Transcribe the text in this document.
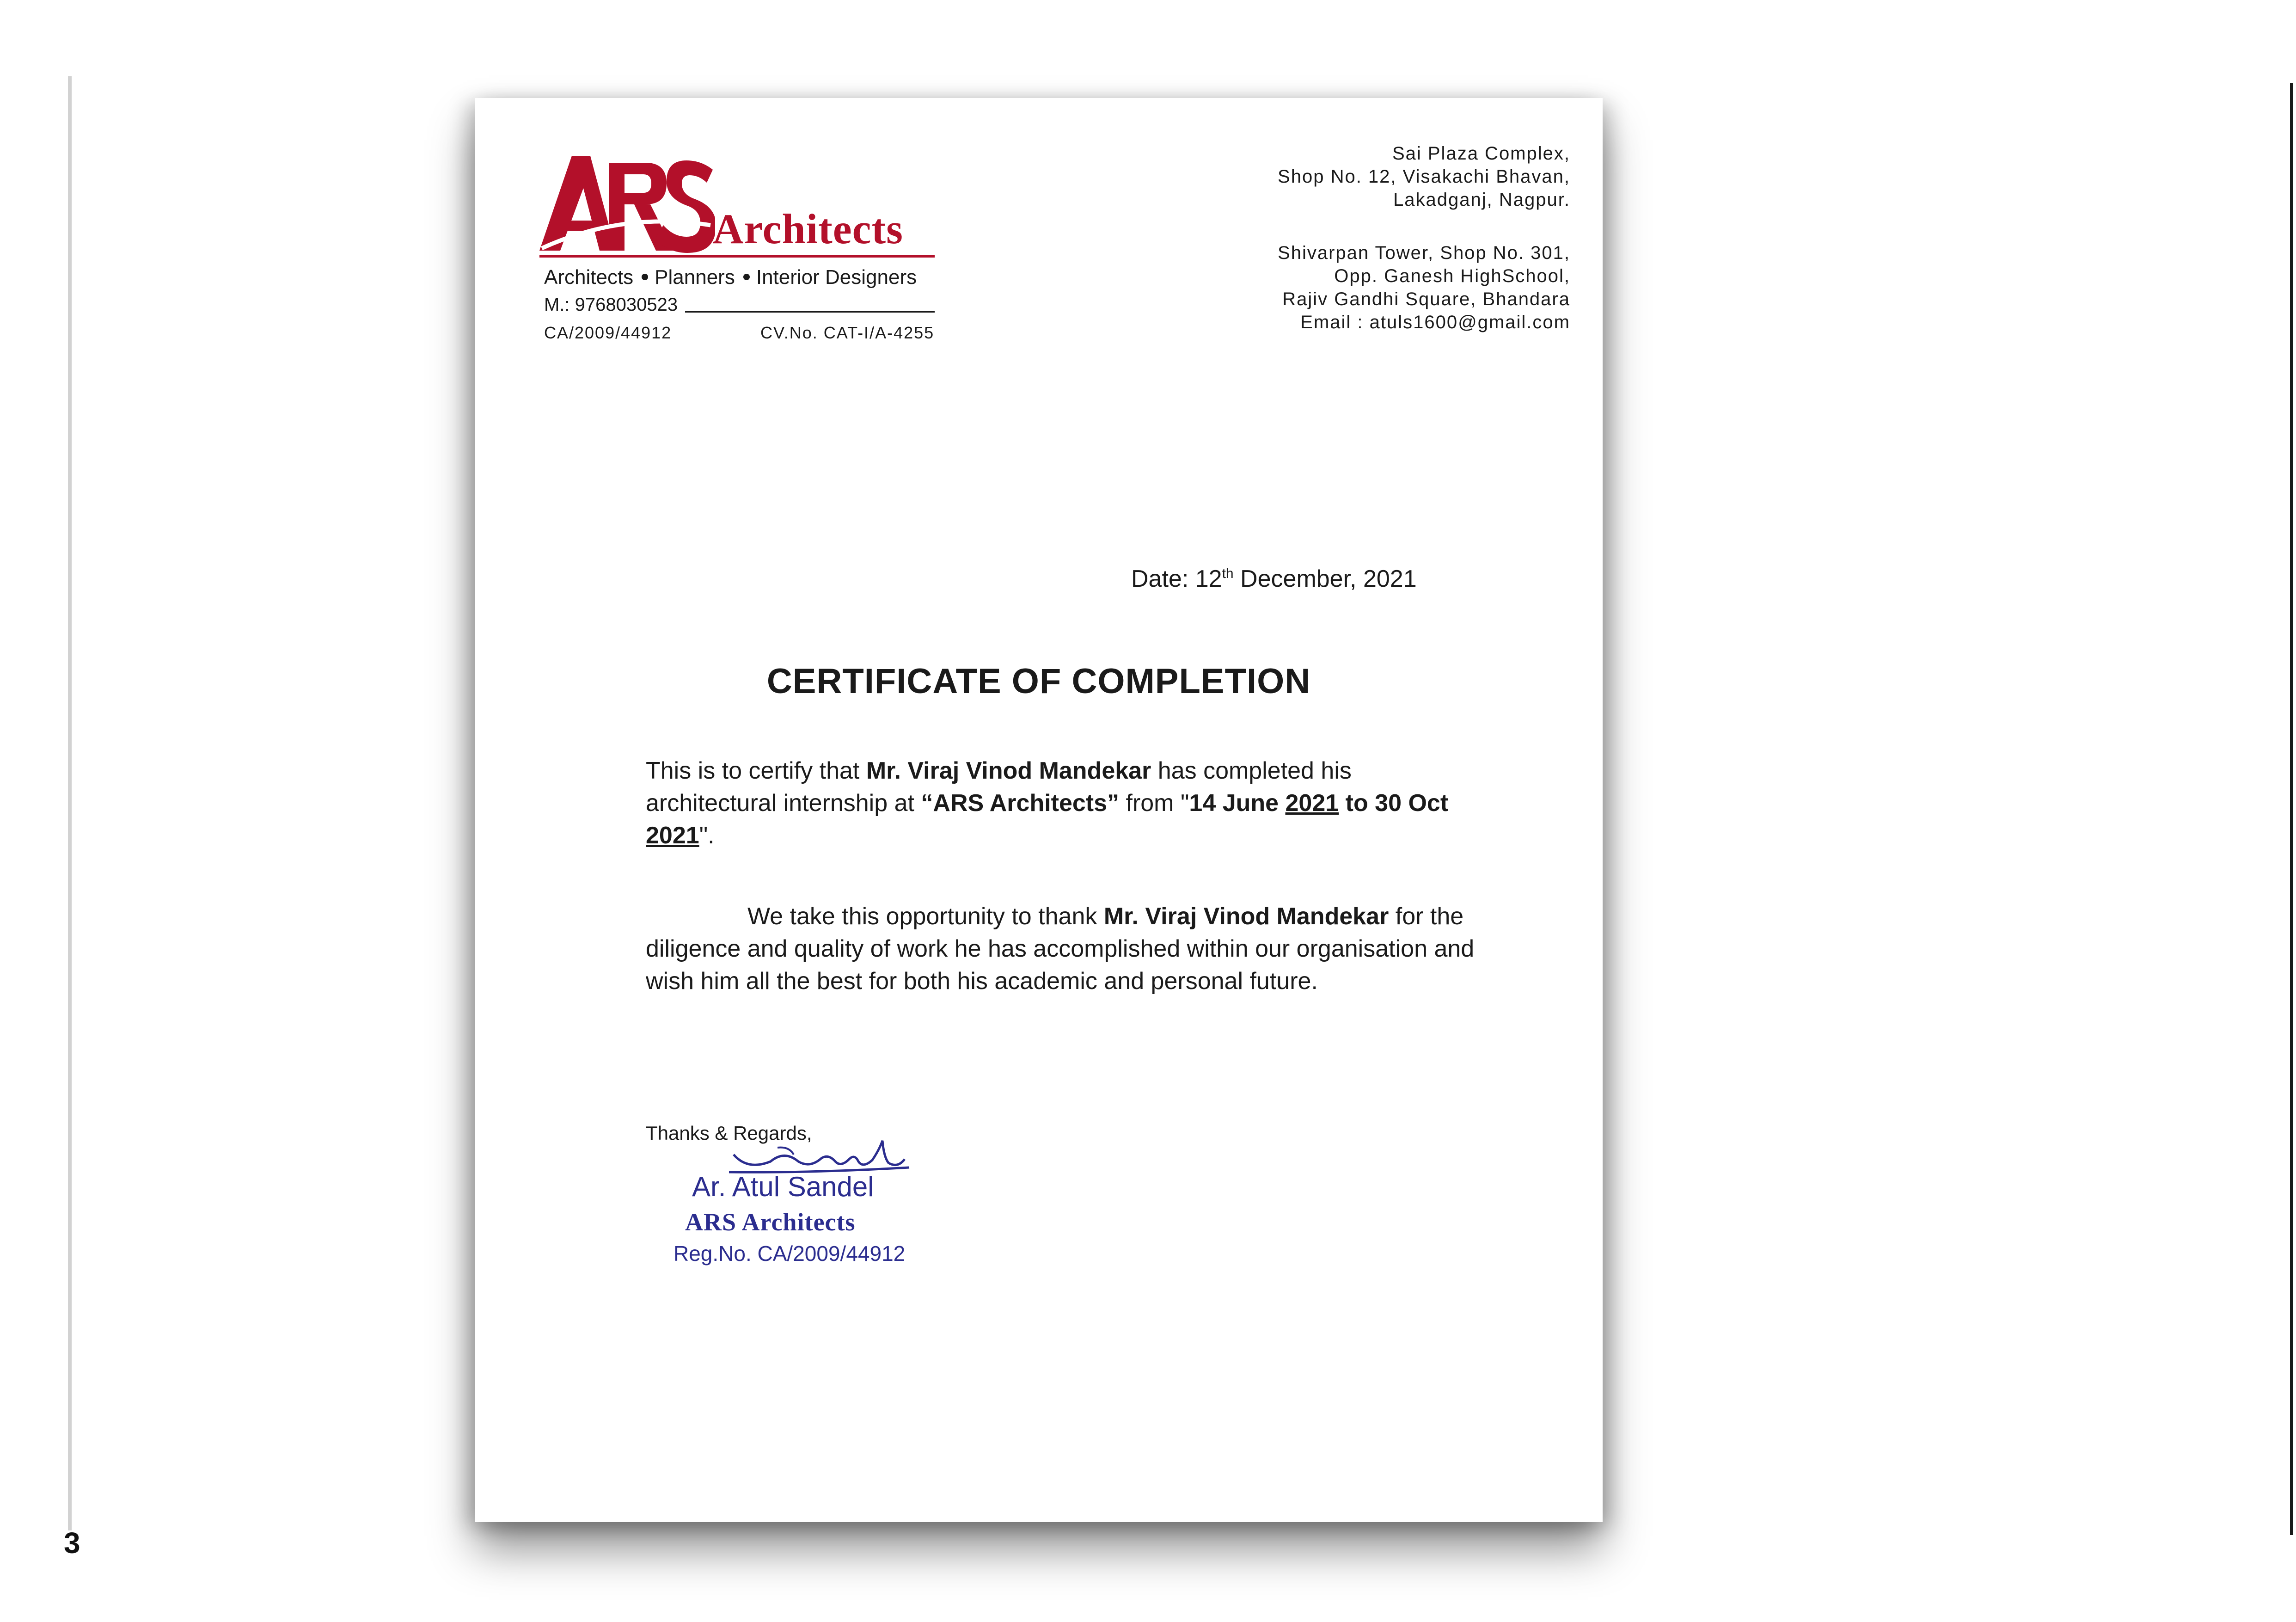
3
Architects
Architects Planners Interior Designers
M.: 9768030523
CA/2009/44912	CV.No. CAT-I/A-4255
Sai Plaza Complex,
Shop No. 12, Visakachi Bhavan,
Lakadganj, Nagpur.
Shivarpan Tower, Shop No. 301,
Opp. Ganesh HighSchool,
Rajiv Gandhi Square, Bhandara
Email : atuls1600@gmail.com
Date: 12th December, 2021
CERTIFICATE OF COMPLETION
This is to certify that Mr. Viraj Vinod Mandekar has completed his architectural internship at “ARS Architects” from "14 June 2021 to 30 Oct 2021".
We take this opportunity to thank Mr. Viraj Vinod Mandekar for the diligence and quality of work he has accomplished within our organisation and wish him all the best for both his academic and personal future.
Thanks & Regards,
Ar. Atul Sandel
ARS Architects
Reg.No. CA/2009/44912
